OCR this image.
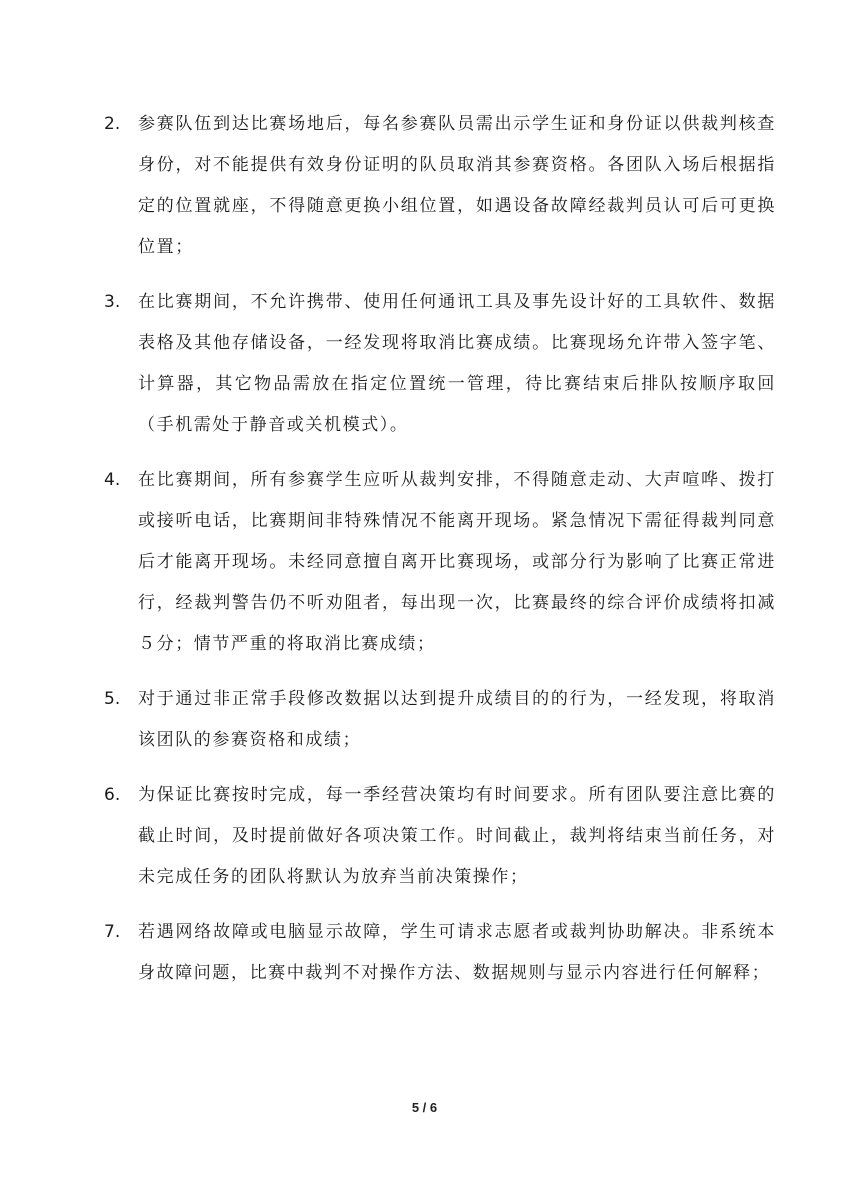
2.	参赛队伍到达比赛场地后，每名参赛队员需出示学生证和身份证以供裁判核查身份，对不能提供有效身份证明的队员取消其参赛资格。各团队入场后根据指定的位置就座，不得随意更换小组位置，如遇设备故障经裁判员认可后可更换位置；
3.	在比赛期间，不允许携带、使用任何通讯工具及事先设计好的工具软件、数据表格及其他存储设备，一经发现将取消比赛成绩。比赛现场允许带入签字笔、计算器，其它物品需放在指定位置统一管理，待比赛结束后排队按顺序取回（手机需处于静音或关机模式）。
4.	在比赛期间，所有参赛学生应听从裁判安排，不得随意走动、大声喧哗、拨打或接听电话，比赛期间非特殊情况不能离开现场。紧急情况下需征得裁判同意后才能离开现场。未经同意擅自离开比赛现场，或部分行为影响了比赛正常进行，经裁判警告仍不听劝阻者，每出现一次，比赛最终的综合评价成绩将扣减５分；情节严重的将取消比赛成绩；
5.	对于通过非正常手段修改数据以达到提升成绩目的的行为，一经发现，将取消该团队的参赛资格和成绩；
6.	为保证比赛按时完成，每一季经营决策均有时间要求。所有团队要注意比赛的截止时间，及时提前做好各项决策工作。时间截止，裁判将结束当前任务，对未完成任务的团队将默认为放弃当前决策操作；
7.	若遇网络故障或电脑显示故障，学生可请求志愿者或裁判协助解决。非系统本身故障问题，比赛中裁判不对操作方法、数据规则与显示内容进行任何解释；
5 / 6
